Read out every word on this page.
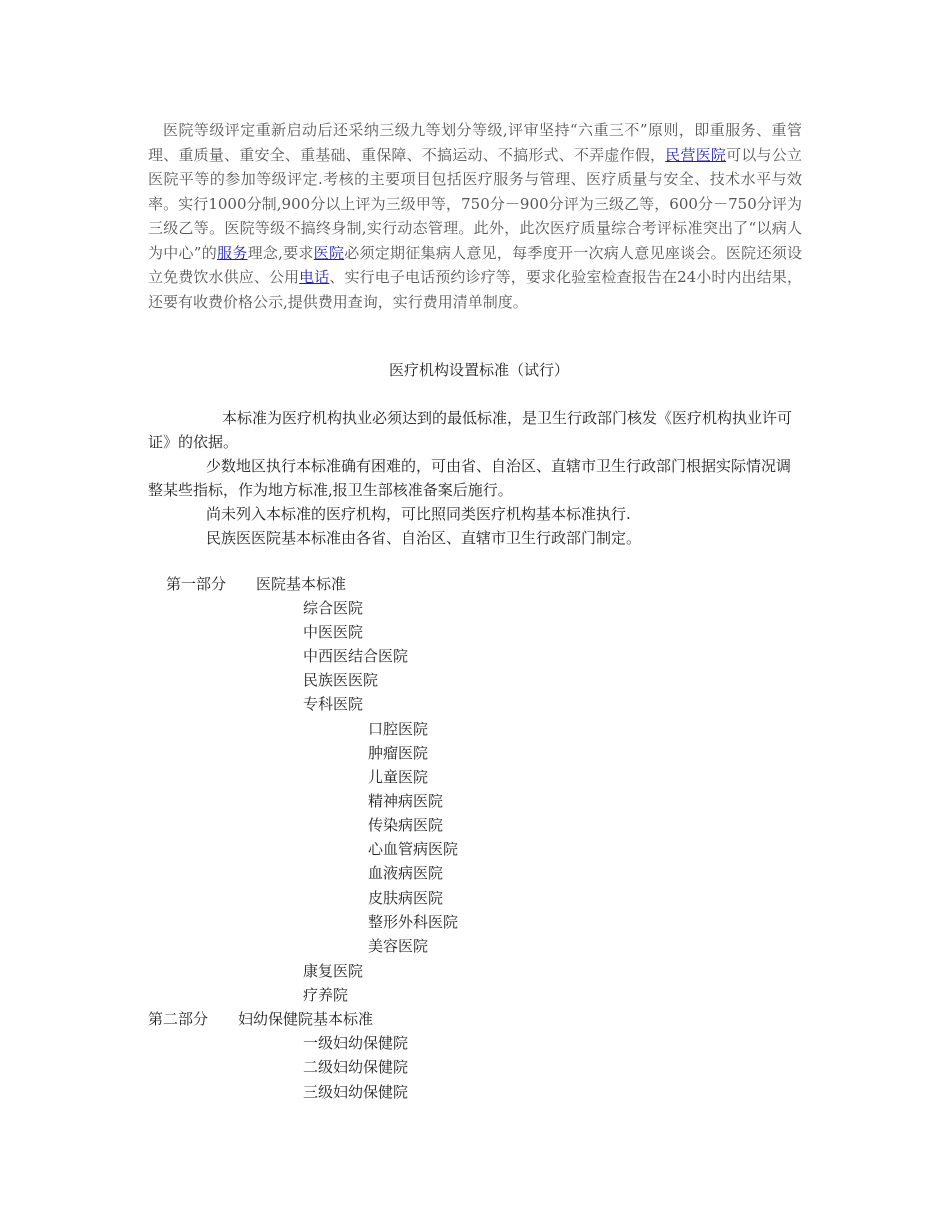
医院等级评定重新启动后还采纳三级九等划分等级,评审坚持“六重三不”原则，即重服务、重管理、重质量、重安全、重基础、重保障、不搞运动、不搞形式、不弄虚作假，民营医院可以与公立医院平等的参加等级评定.考核的主要项目包括医疗服务与管理、医疗质量与安全、技术水平与效率。实行1000分制,900分以上评为三级甲等，750分－900分评为三级乙等，600分－750分评为三级乙等。医院等级不搞终身制,实行动态管理。此外，此次医疗质量综合考评标准突出了“以病人为中心”的服务理念,要求医院必须定期征集病人意见，每季度开一次病人意见座谈会。医院还须设立免费饮水供应、公用电话、实行电子电话预约诊疗等，要求化验室检查报告在24小时内出结果，还要有收费价格公示,提供费用查询，实行费用清单制度。

医疗机构设置标准（试行）

本标准为医疗机构执业必须达到的最低标准，是卫生行政部门核发《医疗机构执业许可证》的依据。

少数地区执行本标准确有困难的，可由省、自治区、直辖市卫生行政部门根据实际情况调整某些指标，作为地方标准,报卫生部核准备案后施行。

尚未列入本标准的医疗机构，可比照同类医疗机构基本标准执行.

民族医医院基本标准由各省、自治区、直辖市卫生行政部门制定。

第一部分 医院基本标准

综合医院

中医医院

中西医结合医院

民族医医院

专科医院

口腔医院

肿瘤医院

儿童医院

精神病医院

传染病医院

心血管病医院

血液病医院

皮肤病医院

整形外科医院

美容医院

康复医院

疗养院

第二部分 妇幼保健院基本标准

一级妇幼保健院

二级妇幼保健院

三级妇幼保健院
